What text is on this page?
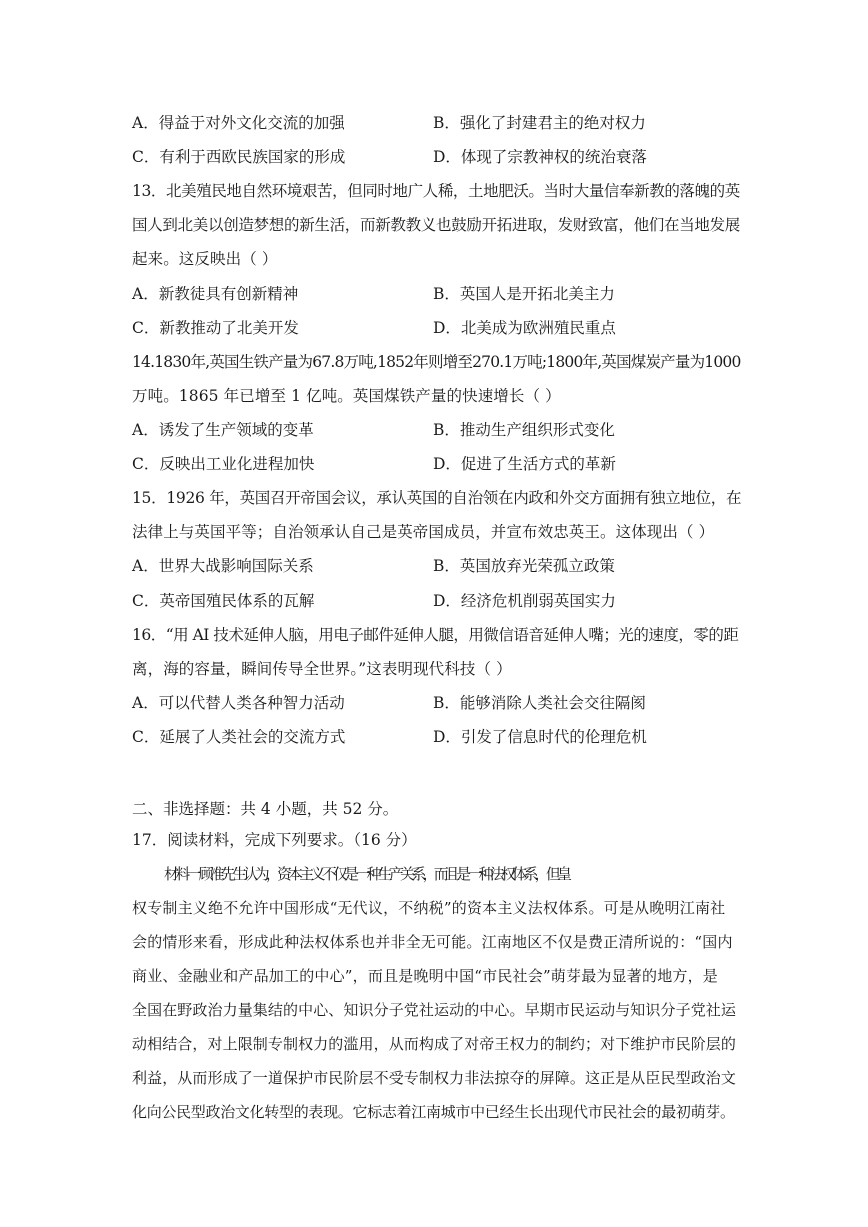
A．得益于对外文化交流的加强	B．强化了封建君主的绝对权力
C．有利于西欧民族国家的形成	D．体现了宗教神权的统治衰落
13．北美殖民地自然环境艰苦，但同时地广人稀，土地肥沃。当时大量信奉新教的落魄的英
国人到北美以创造梦想的新生活，而新教教义也鼓励开拓进取，发财致富，他们在当地发展
起来。这反映出（ ）
A．新教徒具有创新精神	B．英国人是开拓北美主力
C．新教推动了北美开发	D．北美成为欧洲殖民重点
14.1830年,英国生铁产量为67.8万吨,1852年则增至270.1万吨;1800年,英国煤炭产量为1000
万吨。1865 年已增至 1 亿吨。英国煤铁产量的快速增长（ ）
A．诱发了生产领域的变革	B．推动生产组织形式变化
C．反映出工业化进程加快	D．促进了生活方式的革新
15．1926 年，英国召开帝国会议，承认英国的自治领在内政和外交方面拥有独立地位，在
法律上与英国平等；自治领承认自己是英帝国成员，并宣布效忠英王。这体现出（ ）
A．世界大战影响国际关系	B．英国放弃光荣孤立政策
C．英帝国殖民体系的瓦解	D．经济危机削弱英国实力
16．“用 AI 技术延伸人脑，用电子邮件延伸人腿，用微信语音延伸人嘴；光的速度，零的距
离，海的容量，瞬间传导全世界。”这表明现代科技（ ）
A．可以代替人类各种智力活动	B．能够消除人类社会交往隔阂
C．延展了人类社会的交流方式	D．引发了信息时代的伦理危机
二、非选择题：共 4 小题，共 52 分。
17．阅读材料，完成下列要求。（16 分）
材料一 顾准先生认为，资本主义不仅是一种生产关系，而且是一种法权体系，但皇
权专制主义绝不允许中国形成“无代议，不纳税”的资本主义法权体系。可是从晚明江南社
会的情形来看，形成此种法权体系也并非全无可能。江南地区不仅是费正清所说的：“国内
商业、金融业和产品加工的中心”，而且是晚明中国“市民社会”萌芽最为显著的地方，是
全国在野政治力量集结的中心、知识分子党社运动的中心。早期市民运动与知识分子党社运
动相结合，对上限制专制权力的滥用，从而构成了对帝王权力的制约；对下维护市民阶层的
利益，从而形成了一道保护市民阶层不受专制权力非法掠夺的屏障。这正是从臣民型政治文
化向公民型政治文化转型的表现。它标志着江南城市中已经生长出现代市民社会的最初萌芽。
